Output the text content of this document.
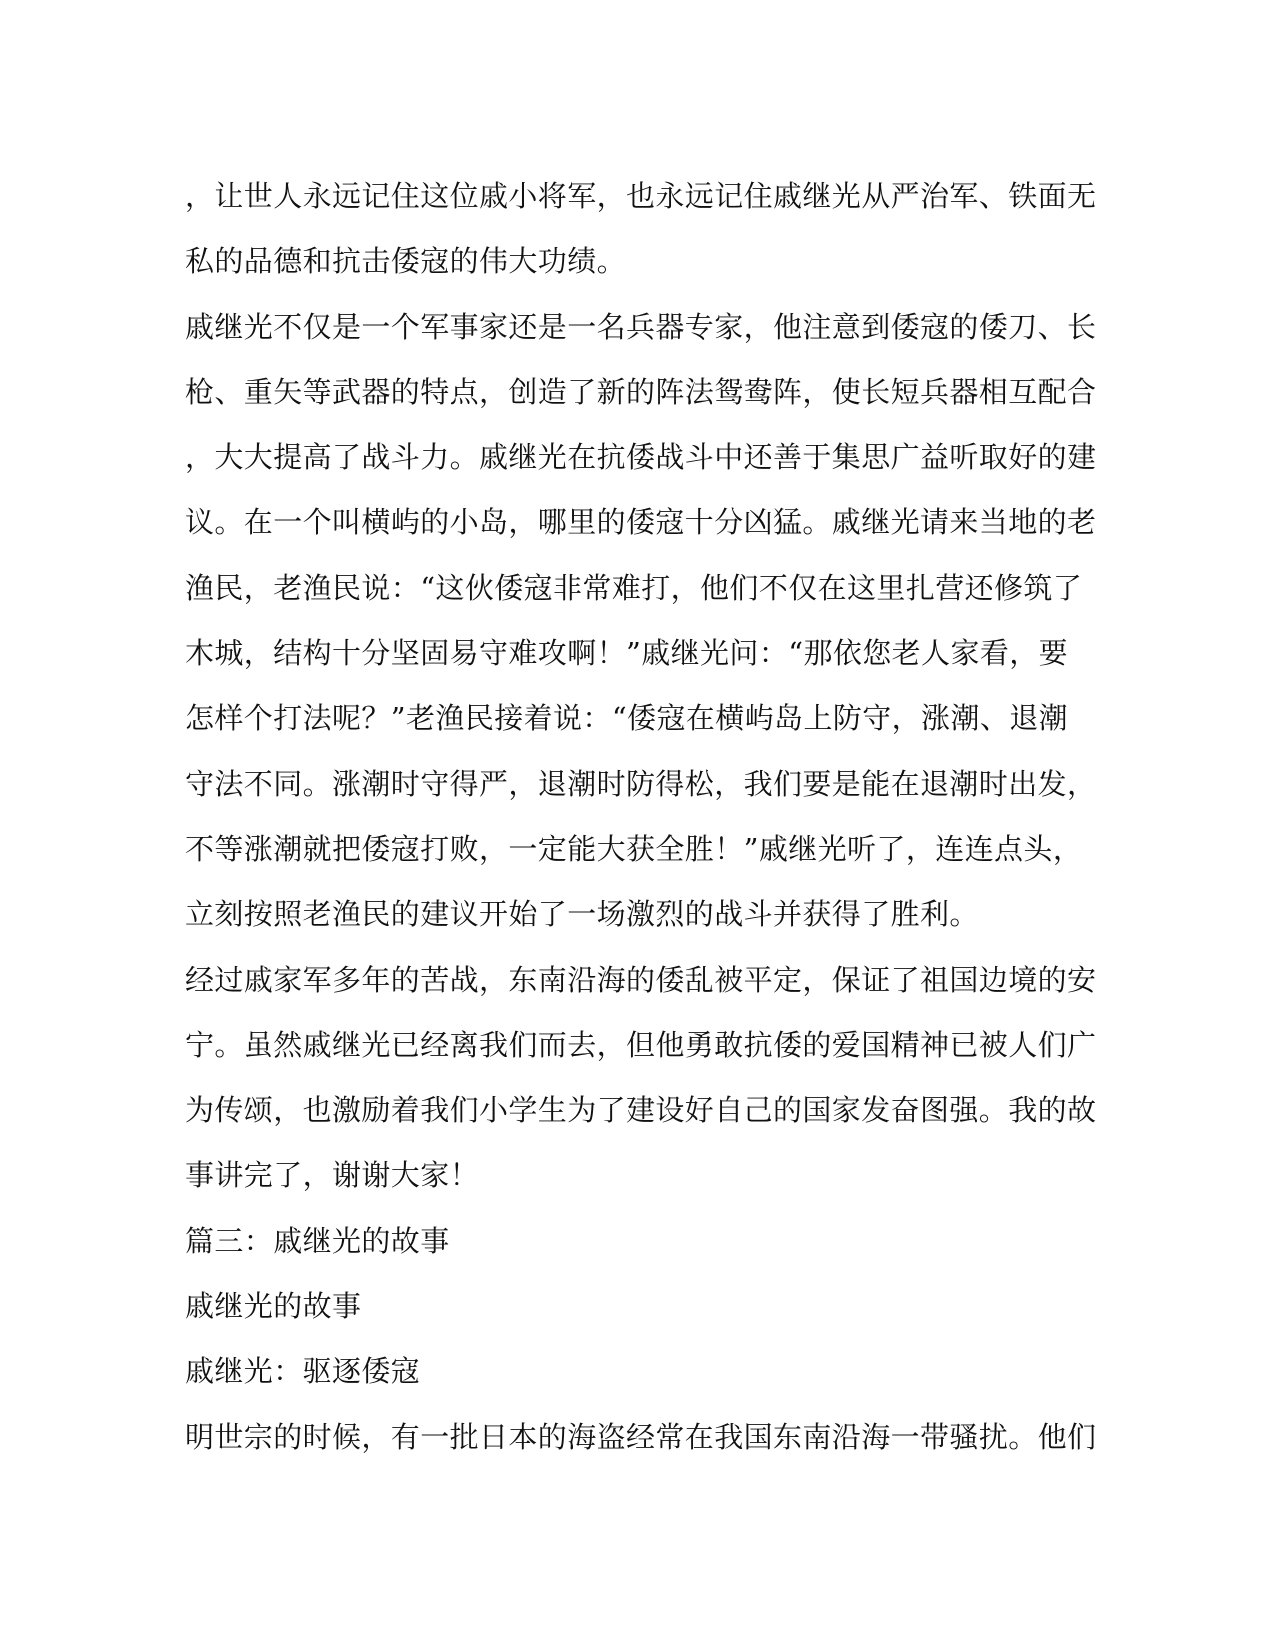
，让世人永远记住这位戚小将军，也永远记住戚继光从严治军、铁面无
私的品德和抗击倭寇的伟大功绩。
戚继光不仅是一个军事家还是一名兵器专家，他注意到倭寇的倭刀、长
枪、重矢等武器的特点，创造了新的阵法鸳鸯阵，使长短兵器相互配合
，大大提高了战斗力。戚继光在抗倭战斗中还善于集思广益听取好的建
议。在一个叫横屿的小岛，哪里的倭寇十分凶猛。戚继光请来当地的老
渔民，老渔民说：“这伙倭寇非常难打，他们不仅在这里扎营还修筑了
木城，结构十分坚固易守难攻啊！”戚继光问：“那依您老人家看，要
怎样个打法呢？”老渔民接着说：“倭寇在横屿岛上防守，涨潮、退潮
守法不同。涨潮时守得严，退潮时防得松，我们要是能在退潮时出发，
不等涨潮就把倭寇打败，一定能大获全胜！”戚继光听了，连连点头，
立刻按照老渔民的建议开始了一场激烈的战斗并获得了胜利。
经过戚家军多年的苦战，东南沿海的倭乱被平定，保证了祖国边境的安
宁。虽然戚继光已经离我们而去，但他勇敢抗倭的爱国精神已被人们广
为传颂，也激励着我们小学生为了建设好自己的国家发奋图强。我的故
事讲完了，谢谢大家！
篇三：戚继光的故事
戚继光的故事
戚继光：驱逐倭寇
明世宗的时候，有一批日本的海盗经常在我国东南沿海一带骚扰。他们
